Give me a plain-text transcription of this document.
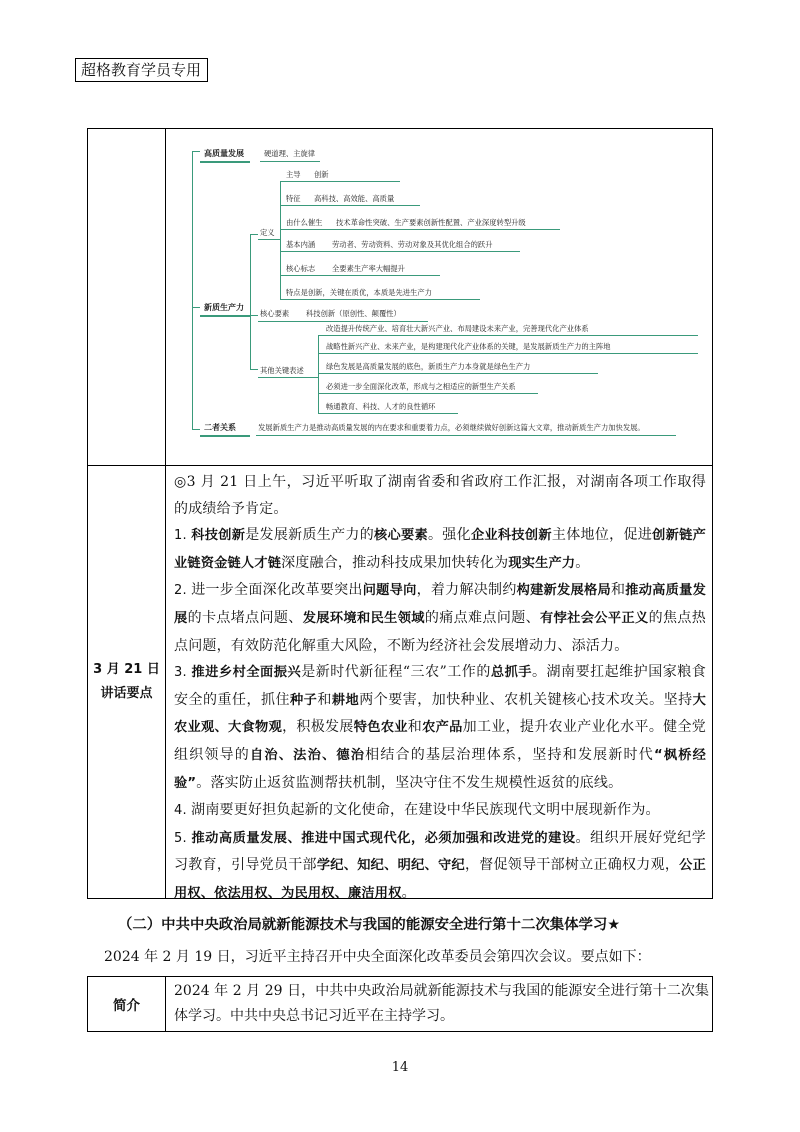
超格教育学员专用
高质量发展	硬道理、主旋律
主导 创新
特征 高科技、高效能、高质量
由什么催生 技术革命性突破、生产要素创新性配置、产业深度转型升级
基本内涵 劳动者、劳动资料、劳动对象及其优化组合的跃升
核心标志 全要素生产率大幅提升
特点是创新，关键在质优，本质是先进生产力
定义
新质生产力
核心要素 科技创新（原创性、颠覆性）
其他关键表述
改造提升传统产业、培育壮大新兴产业、布局建设未来产业，完善现代化产业体系
战略性新兴产业、未来产业，是构建现代化产业体系的关键，是发展新质生产力的主阵地
绿色发展是高质量发展的底色，新质生产力本身就是绿色生产力
必须进一步全面深化改革，形成与之相适应的新型生产关系
畅通教育、科技、人才的良性循环
二者关系	发展新质生产力是推动高质量发展的内在要求和重要着力点，必须继续做好创新这篇大文章，推动新质生产力加快发展。
3 月 21 日
讲话要点

◎3 月 21 日上午，习近平听取了湖南省委和省政府工作汇报，对湖南各项工作取得的成绩给予肯定。

1. 科技创新是发展新质生产力的核心要素。强化企业科技创新主体地位，促进创新链产业链资金链人才链深度融合，推动科技成果加快转化为现实生产力。

2. 进一步全面深化改革要突出问题导向，着力解决制约构建新发展格局和推动高质量发展的卡点堵点问题、发展环境和民生领域的痛点难点问题、有悖社会公平正义的焦点热点问题，有效防范化解重大风险，不断为经济社会发展增动力、添活力。

3. 推进乡村全面振兴是新时代新征程“三农”工作的总抓手。湖南要扛起维护国家粮食安全的重任，抓住种子和耕地两个要害，加快种业、农机关键核心技术攻关。坚持大农业观、大食物观，积极发展特色农业和农产品加工业，提升农业产业化水平。健全党组织领导的自治、法治、德治相结合的基层治理体系，坚持和发展新时代“枫桥经验”。落实防止返贫监测帮扶机制，坚决守住不发生规模性返贫的底线。

4. 湖南要更好担负起新的文化使命，在建设中华民族现代文明中展现新作为。

5. 推动高质量发展、推进中国式现代化，必须加强和改进党的建设。组织开展好党纪学习教育，引导党员干部学纪、知纪、明纪、守纪，督促领导干部树立正确权力观，公正用权、依法用权、为民用权、廉洁用权。

（二）中共中央政治局就新能源技术与我国的能源安全进行第十二次集体学习★
2024 年 2 月 19 日，习近平主持召开中央全面深化改革委员会第四次会议。要点如下：
简介
2024 年 2 月 29 日，中共中央政治局就新能源技术与我国的能源安全进行第十二次集体学习。中共中央总书记习近平在主持学习。
14
